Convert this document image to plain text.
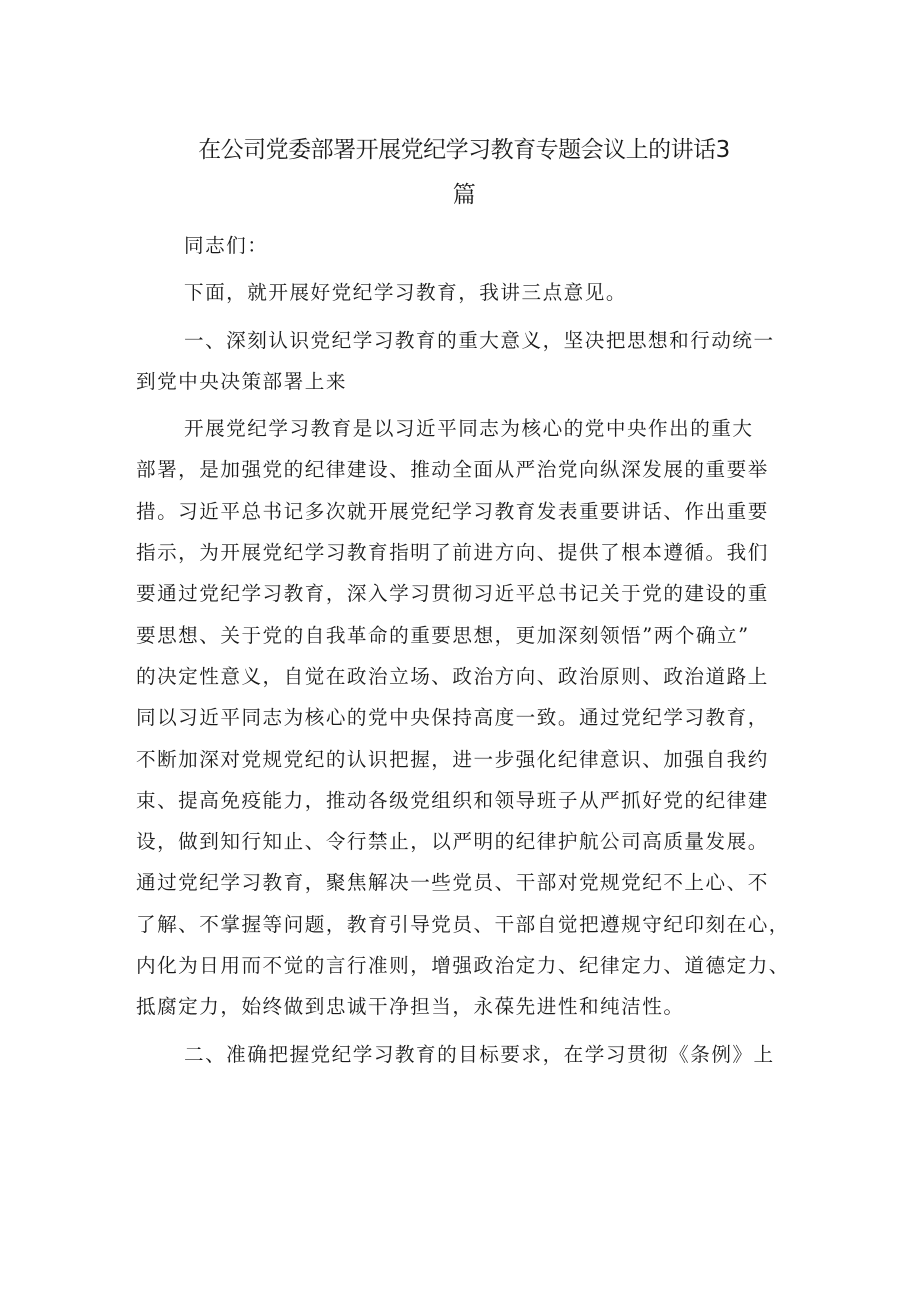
在公司党委部署开展党纪学习教育专题会议上的讲话3
篇

同志们：

下面，就开展好党纪学习教育，我讲三点意见。

一、深刻认识党纪学习教育的重大意义，坚决把思想和行动统一
到党中央决策部署上来

开展党纪学习教育是以习近平同志为核心的党中央作出的重大
部署，是加强党的纪律建设、推动全面从严治党向纵深发展的重要举
措。习近平总书记多次就开展党纪学习教育发表重要讲话、作出重要
指示，为开展党纪学习教育指明了前进方向、提供了根本遵循。我们
要通过党纪学习教育，深入学习贯彻习近平总书记关于党的建设的重
要思想、关于党的自我革命的重要思想，更加深刻领悟”两个确立”
的决定性意义，自觉在政治立场、政治方向、政治原则、政治道路上
同以习近平同志为核心的党中央保持高度一致。通过党纪学习教育，
不断加深对党规党纪的认识把握，进一步强化纪律意识、加强自我约
束、提高免疫能力，推动各级党组织和领导班子从严抓好党的纪律建
设，做到知行知止、令行禁止，以严明的纪律护航公司高质量发展。
通过党纪学习教育，聚焦解决一些党员、干部对党规党纪不上心、不
了解、不掌握等问题，教育引导党员、干部自觉把遵规守纪印刻在心，
内化为日用而不觉的言行准则，增强政治定力、纪律定力、道德定力、
抵腐定力，始终做到忠诚干净担当，永葆先进性和纯洁性。

二、准确把握党纪学习教育的目标要求，在学习贯彻《条例》上
